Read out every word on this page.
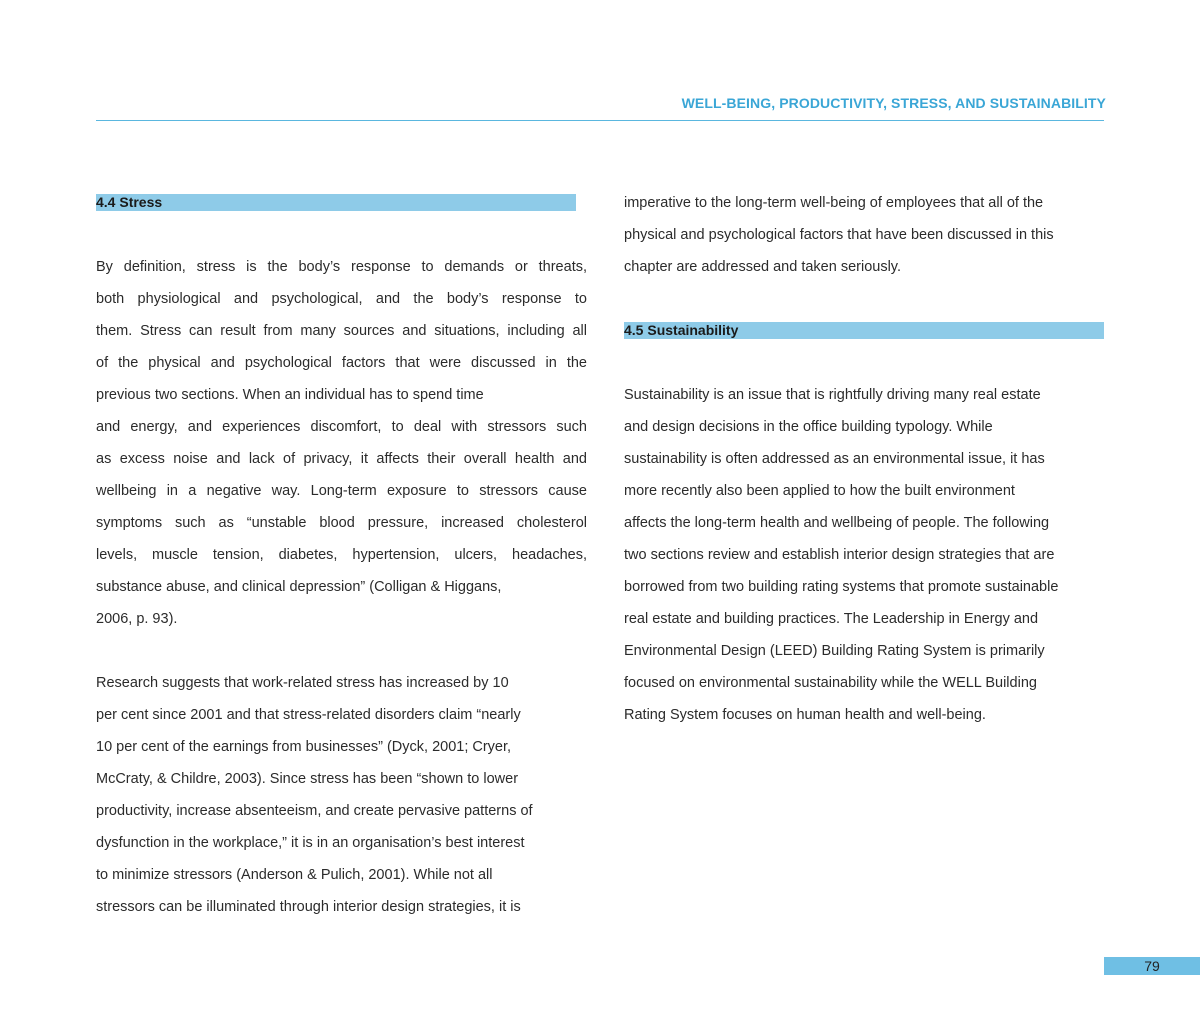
WELL-BEING, PRODUCTIVITY, STRESS, AND SUSTAINABILITY
4.4 Stress
By definition, stress is the body’s response to demands or threats,
both physiological and psychological, and the body’s response to
them. Stress can result from many sources and situations, including all
of the physical and psychological factors that were discussed in the
previous two sections. When an individual has to spend time
and energy, and experiences discomfort, to deal with stressors such
as excess noise and lack of privacy, it affects their overall health and
wellbeing in a negative way. Long-term exposure to stressors cause
symptoms such as “unstable blood pressure, increased cholesterol
levels, muscle tension, diabetes, hypertension, ulcers, headaches,
substance abuse, and clinical depression” (Colligan & Higgans,
2006, p. 93).
Research suggests that work-related stress has increased by 10
per cent since 2001 and that stress-related disorders claim “nearly
10 per cent of the earnings from businesses” (Dyck, 2001; Cryer,
McCraty, & Childre, 2003). Since stress has been “shown to lower
productivity, increase absenteeism, and create pervasive patterns of
dysfunction in the workplace,” it is in an organisation’s best interest
to minimize stressors (Anderson & Pulich, 2001). While not all
stressors can be illuminated through interior design strategies, it is
imperative to the long-term well-being of employees that all of the
physical and psychological factors that have been discussed in this
chapter are addressed and taken seriously.
4.5 Sustainability
Sustainability is an issue that is rightfully driving many real estate
and design decisions in the office building typology. While
sustainability is often addressed as an environmental issue, it has
more recently also been applied to how the built environment
affects the long-term health and wellbeing of people. The following
two sections review and establish interior design strategies that are
borrowed from two building rating systems that promote sustainable
real estate and building practices. The Leadership in Energy and
Environmental Design (LEED) Building Rating System is primarily
focused on environmental sustainability while the WELL Building
Rating System focuses on human health and well-being.
79
